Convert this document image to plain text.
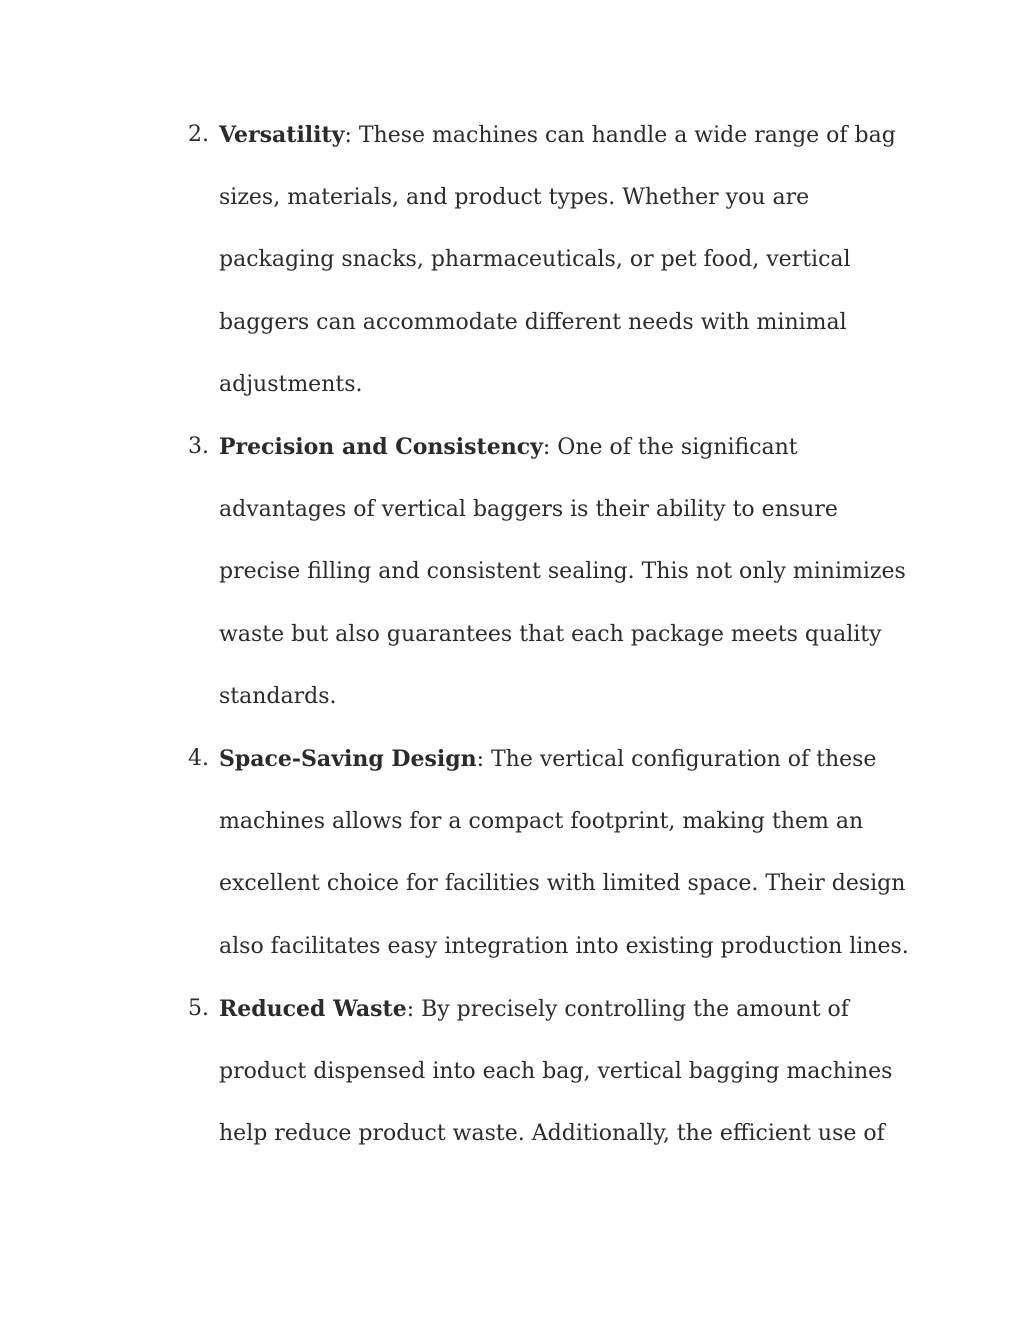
2. Versatility: These machines can handle a wide range of bag
sizes, materials, and product types. Whether you are
packaging snacks, pharmaceuticals, or pet food, vertical
baggers can accommodate different needs with minimal
adjustments.
3. Precision and Consistency: One of the significant
advantages of vertical baggers is their ability to ensure
precise filling and consistent sealing. This not only minimizes
waste but also guarantees that each package meets quality
standards.
4. Space-Saving Design: The vertical configuration of these
machines allows for a compact footprint, making them an
excellent choice for facilities with limited space. Their design
also facilitates easy integration into existing production lines.
5. Reduced Waste: By precisely controlling the amount of
product dispensed into each bag, vertical bagging machines
help reduce product waste. Additionally, the efficient use of
